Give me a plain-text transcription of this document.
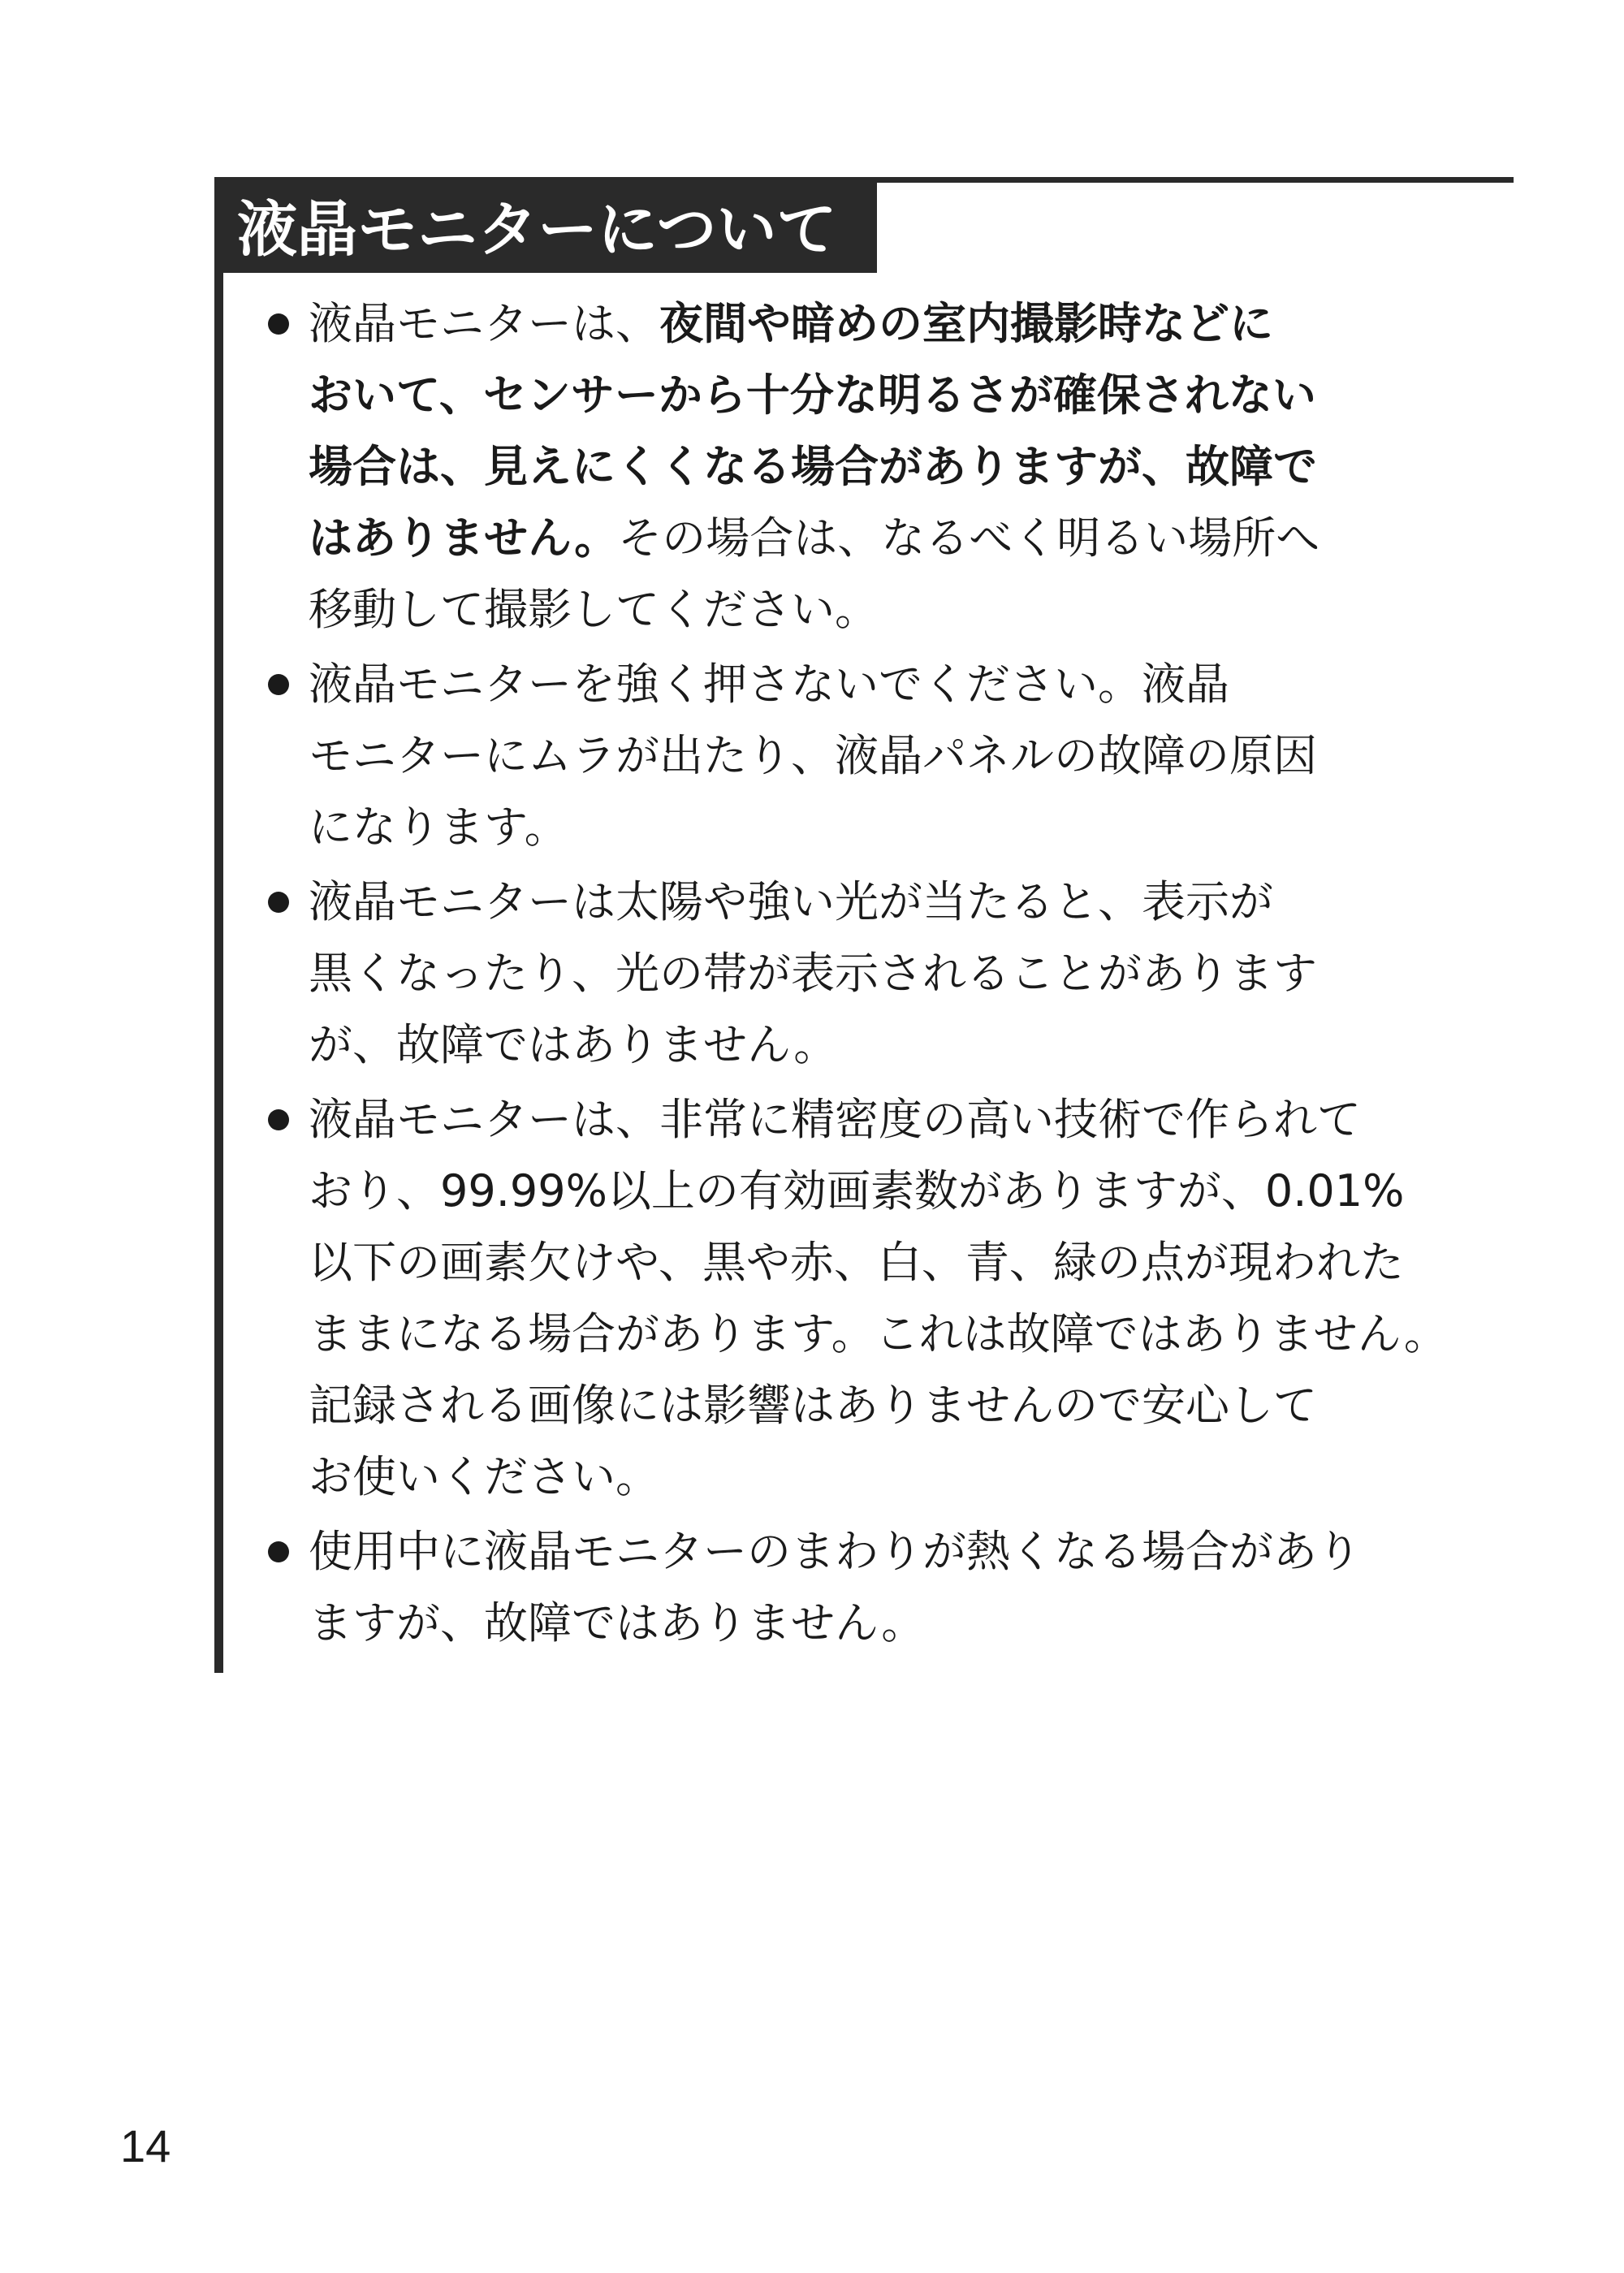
液晶モニターについて
液晶モニターは、夜間や暗めの室内撮影時などに
おいて、センサーから十分な明るさが確保されない
場合は、見えにくくなる場合がありますが、故障で
はありません。その場合は、なるべく明るい場所へ
移動して撮影してください。
液晶モニターを強く押さないでください。液晶
モニターにムラが出たり、液晶パネルの故障の原因
になります。
液晶モニターは太陽や強い光が当たると、表示が
黒くなったり、光の帯が表示されることがあります
が、故障ではありません。
液晶モニターは、非常に精密度の高い技術で作られて
おり、99.99%以上の有効画素数がありますが、0.01%
以下の画素欠けや、黒や赤、白、青、緑の点が現われた
ままになる場合があります。これは故障ではありません。
記録される画像には影響はありませんので安心して
お使いください。
使用中に液晶モニターのまわりが熱くなる場合があり
ますが、故障ではありません。
14
